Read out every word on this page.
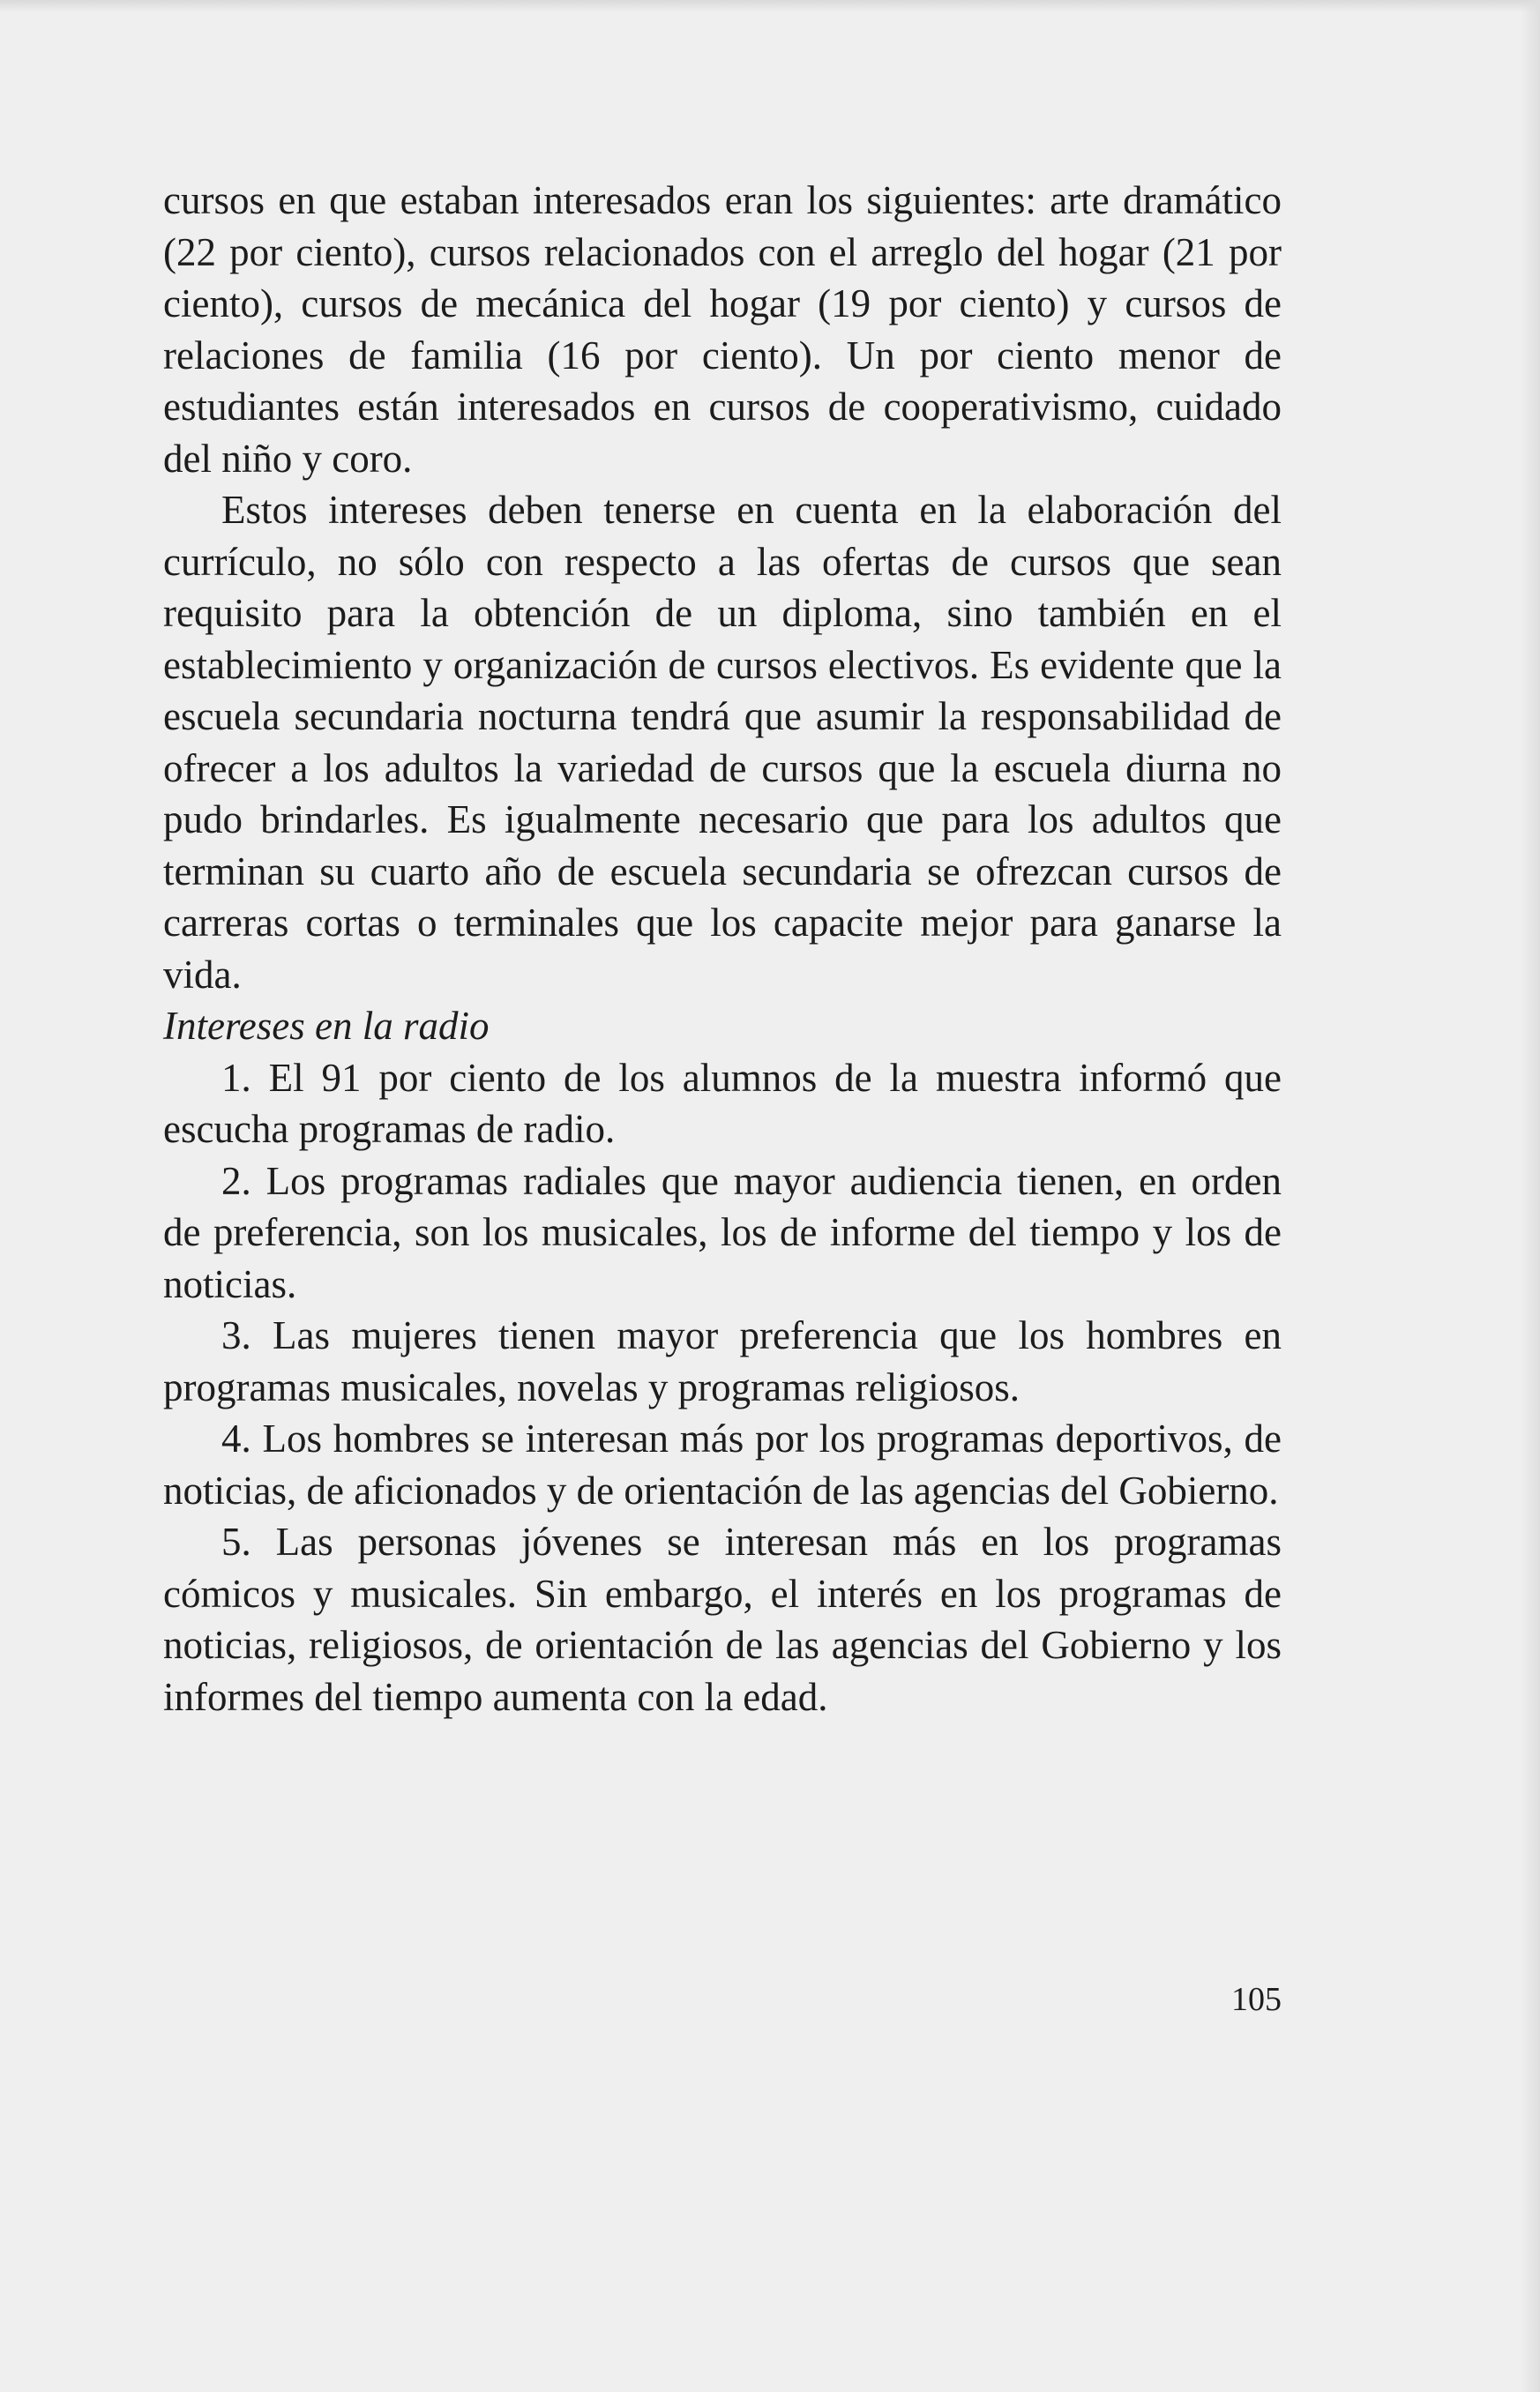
cursos en que estaban interesados eran los siguientes: arte dramático (22 por ciento), cursos relacionados con el arreglo del hogar (21 por ciento), cursos de mecánica del hogar (19 por ciento) y cursos de relaciones de familia (16 por ciento). Un por ciento menor de estudiantes están interesados en cursos de cooperativismo, cuidado del niño y coro.

Estos intereses deben tenerse en cuenta en la elaboración del currículo, no sólo con respecto a las ofertas de cursos que sean requisito para la obtención de un diploma, sino también en el establecimiento y organización de cursos electivos. Es evidente que la escuela secundaria nocturna tendrá que asumir la responsabilidad de ofrecer a los adultos la variedad de cursos que la escuela diurna no pudo brindarles. Es igualmente necesario que para los adultos que terminan su cuarto año de escuela secundaria se ofrezcan cursos de carreras cortas o terminales que los capacite mejor para ganarse la vida.

Intereses en la radio

1. El 91 por ciento de los alumnos de la muestra informó que escucha programas de radio.

2. Los programas radiales que mayor audiencia tienen, en orden de preferencia, son los musicales, los de informe del tiempo y los de noticias.

3. Las mujeres tienen mayor preferencia que los hombres en programas musicales, novelas y programas religiosos.

4. Los hombres se interesan más por los programas deportivos, de noticias, de aficionados y de orientación de las agencias del Gobierno.

5. Las personas jóvenes se interesan más en los programas cómicos y musicales. Sin embargo, el interés en los programas de noticias, religiosos, de orientación de las agencias del Gobierno y los informes del tiempo aumenta con la edad.

105
